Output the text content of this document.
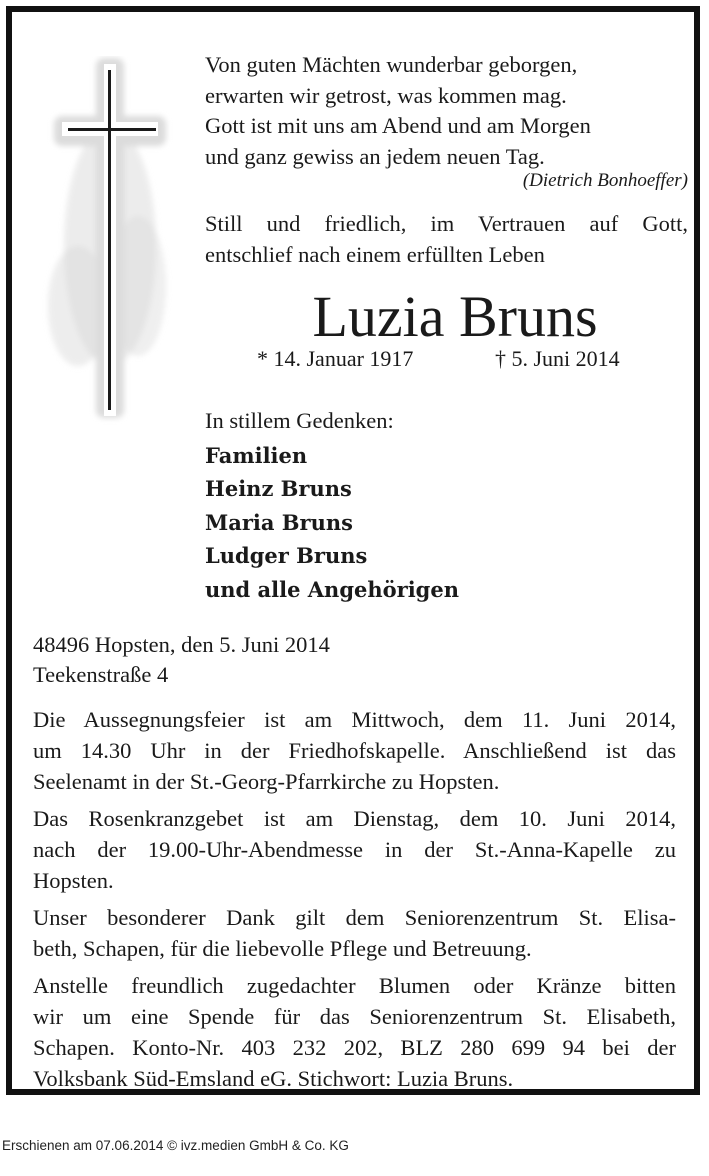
Von guten Mächten wunderbar geborgen,
erwarten wir getrost, was kommen mag.
Gott ist mit uns am Abend und am Morgen
und ganz gewiss an jedem neuen Tag.
(Dietrich Bonhoeffer)
Still und friedlich, im Vertrauen auf Gott,
entschlief nach einem erfüllten Leben
Luzia Bruns
* 14. Januar 1917	† 5. Juni 2014
In stillem Gedenken:
Familien
Heinz Bruns
Maria Bruns
Ludger Bruns
und alle Angehörigen
48496 Hopsten, den 5. Juni 2014
Teekenstraße 4
Die Aussegnungsfeier ist am Mittwoch, dem 11. Juni 2014,
um 14.30 Uhr in der Friedhofskapelle. Anschließend ist das
Seelenamt in der St.-Georg-Pfarrkirche zu Hopsten.
Das Rosenkranzgebet ist am Dienstag, dem 10. Juni 2014,
nach der 19.00-Uhr-Abendmesse in der St.-Anna-Kapelle zu
Hopsten.
Unser besonderer Dank gilt dem Seniorenzentrum St. Elisa-
beth, Schapen, für die liebevolle Pflege und Betreuung.
Anstelle freundlich zugedachter Blumen oder Kränze bitten
wir um eine Spende für das Seniorenzentrum St. Elisabeth,
Schapen. Konto-Nr. 403 232 202, BLZ 280 699 94 bei der
Volksbank Süd-Emsland eG. Stichwort: Luzia Bruns.
Erschienen am 07.06.2014 © ivz.medien GmbH & Co. KG
